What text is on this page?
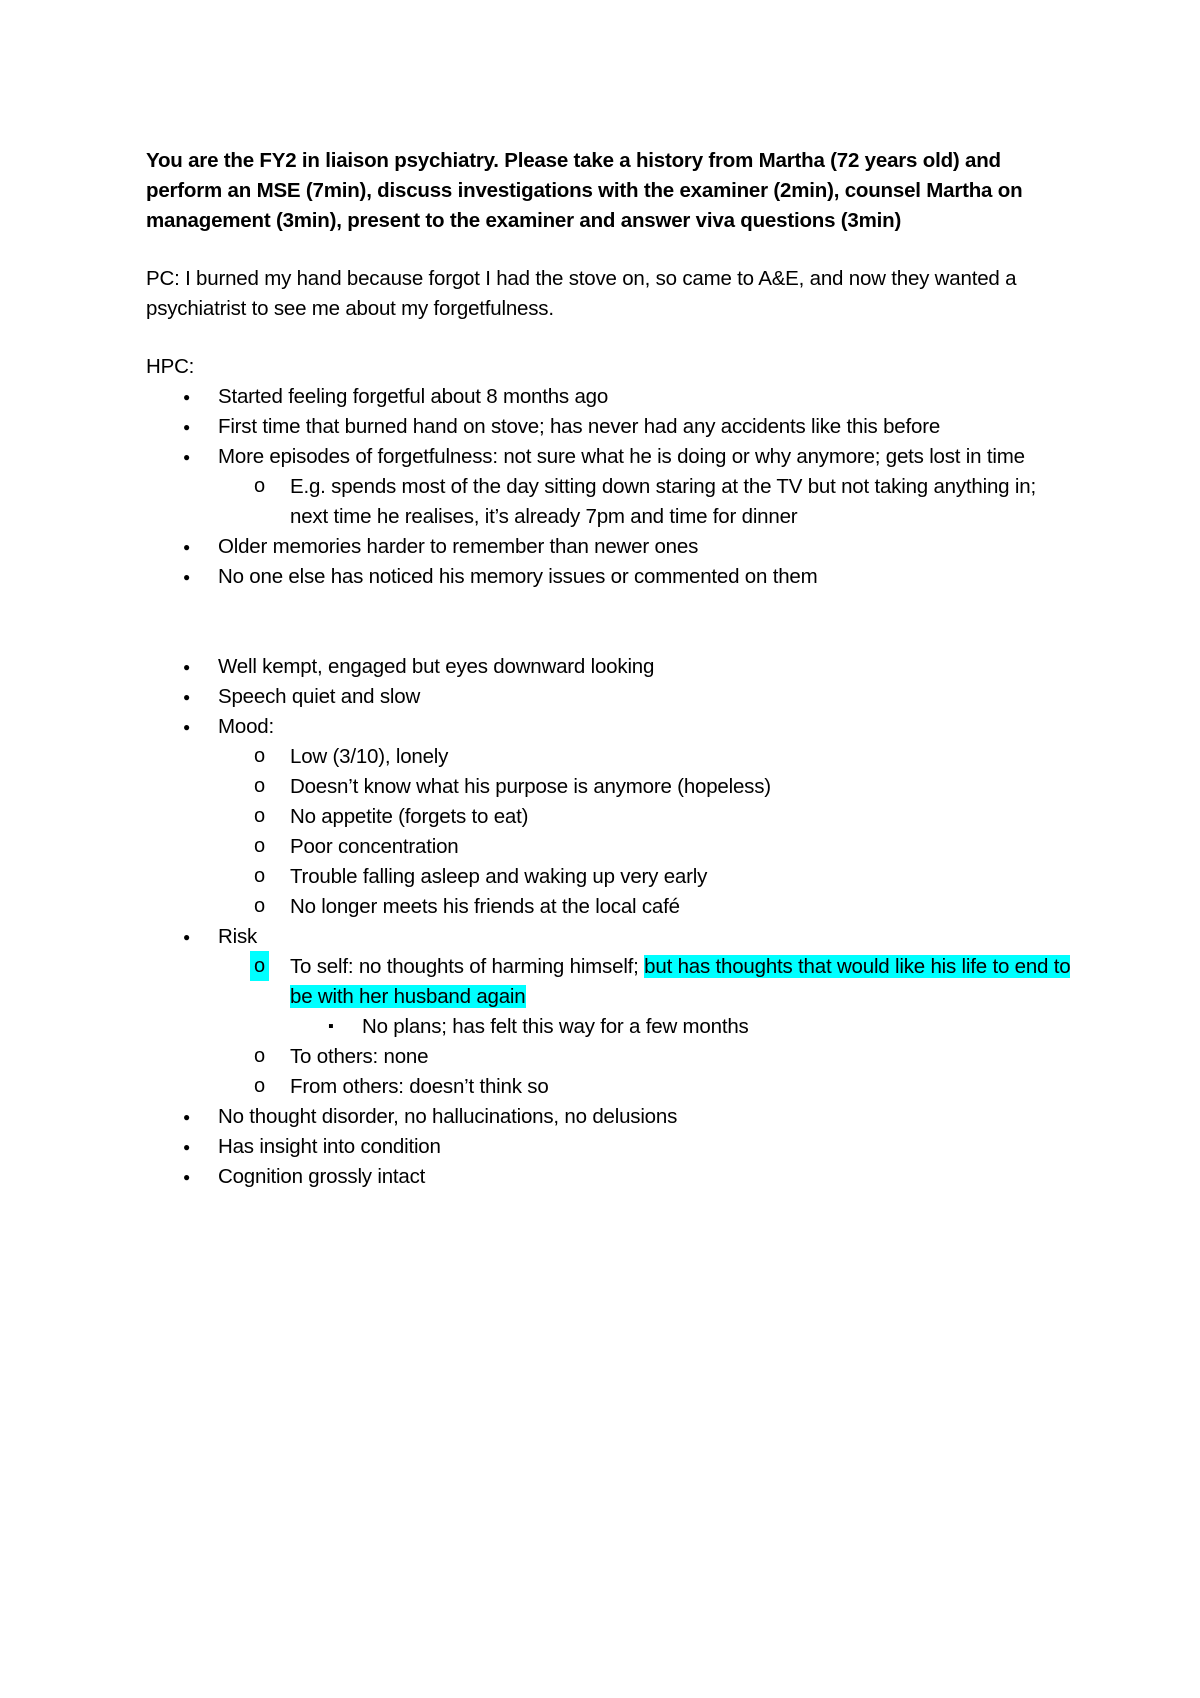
You are the FY2 in liaison psychiatry. Please take a history from Martha (72 years old) and perform an MSE (7min), discuss investigations with the examiner (2min), counsel Martha on management (3min), present to the examiner and answer viva questions (3min)

PC: I burned my hand because forgot I had the stove on, so came to A&E, and now they wanted a psychiatrist to see me about my forgetfulness.

HPC:

● Started feeling forgetful about 8 months ago
● First time that burned hand on stove; has never had any accidents like this before
● More episodes of forgetfulness: not sure what he is doing or why anymore; gets lost in time
o E.g. spends most of the day sitting down staring at the TV but not taking anything in; next time he realises, it’s already 7pm and time for dinner
● Older memories harder to remember than newer ones
● No one else has noticed his memory issues or commented on them
● Well kempt, engaged but eyes downward looking
● Speech quiet and slow
● Mood:
o Low (3/10), lonely
o Doesn’t know what his purpose is anymore (hopeless)
o No appetite (forgets to eat)
o Poor concentration
o Trouble falling asleep and waking up very early
o No longer meets his friends at the local café
● Risk
o To self: no thoughts of harming himself; but has thoughts that would like his life to end to be with her husband again
▪ No plans; has felt this way for a few months
o To others: none
o From others: doesn’t think so
● No thought disorder, no hallucinations, no delusions
● Has insight into condition
● Cognition grossly intact
